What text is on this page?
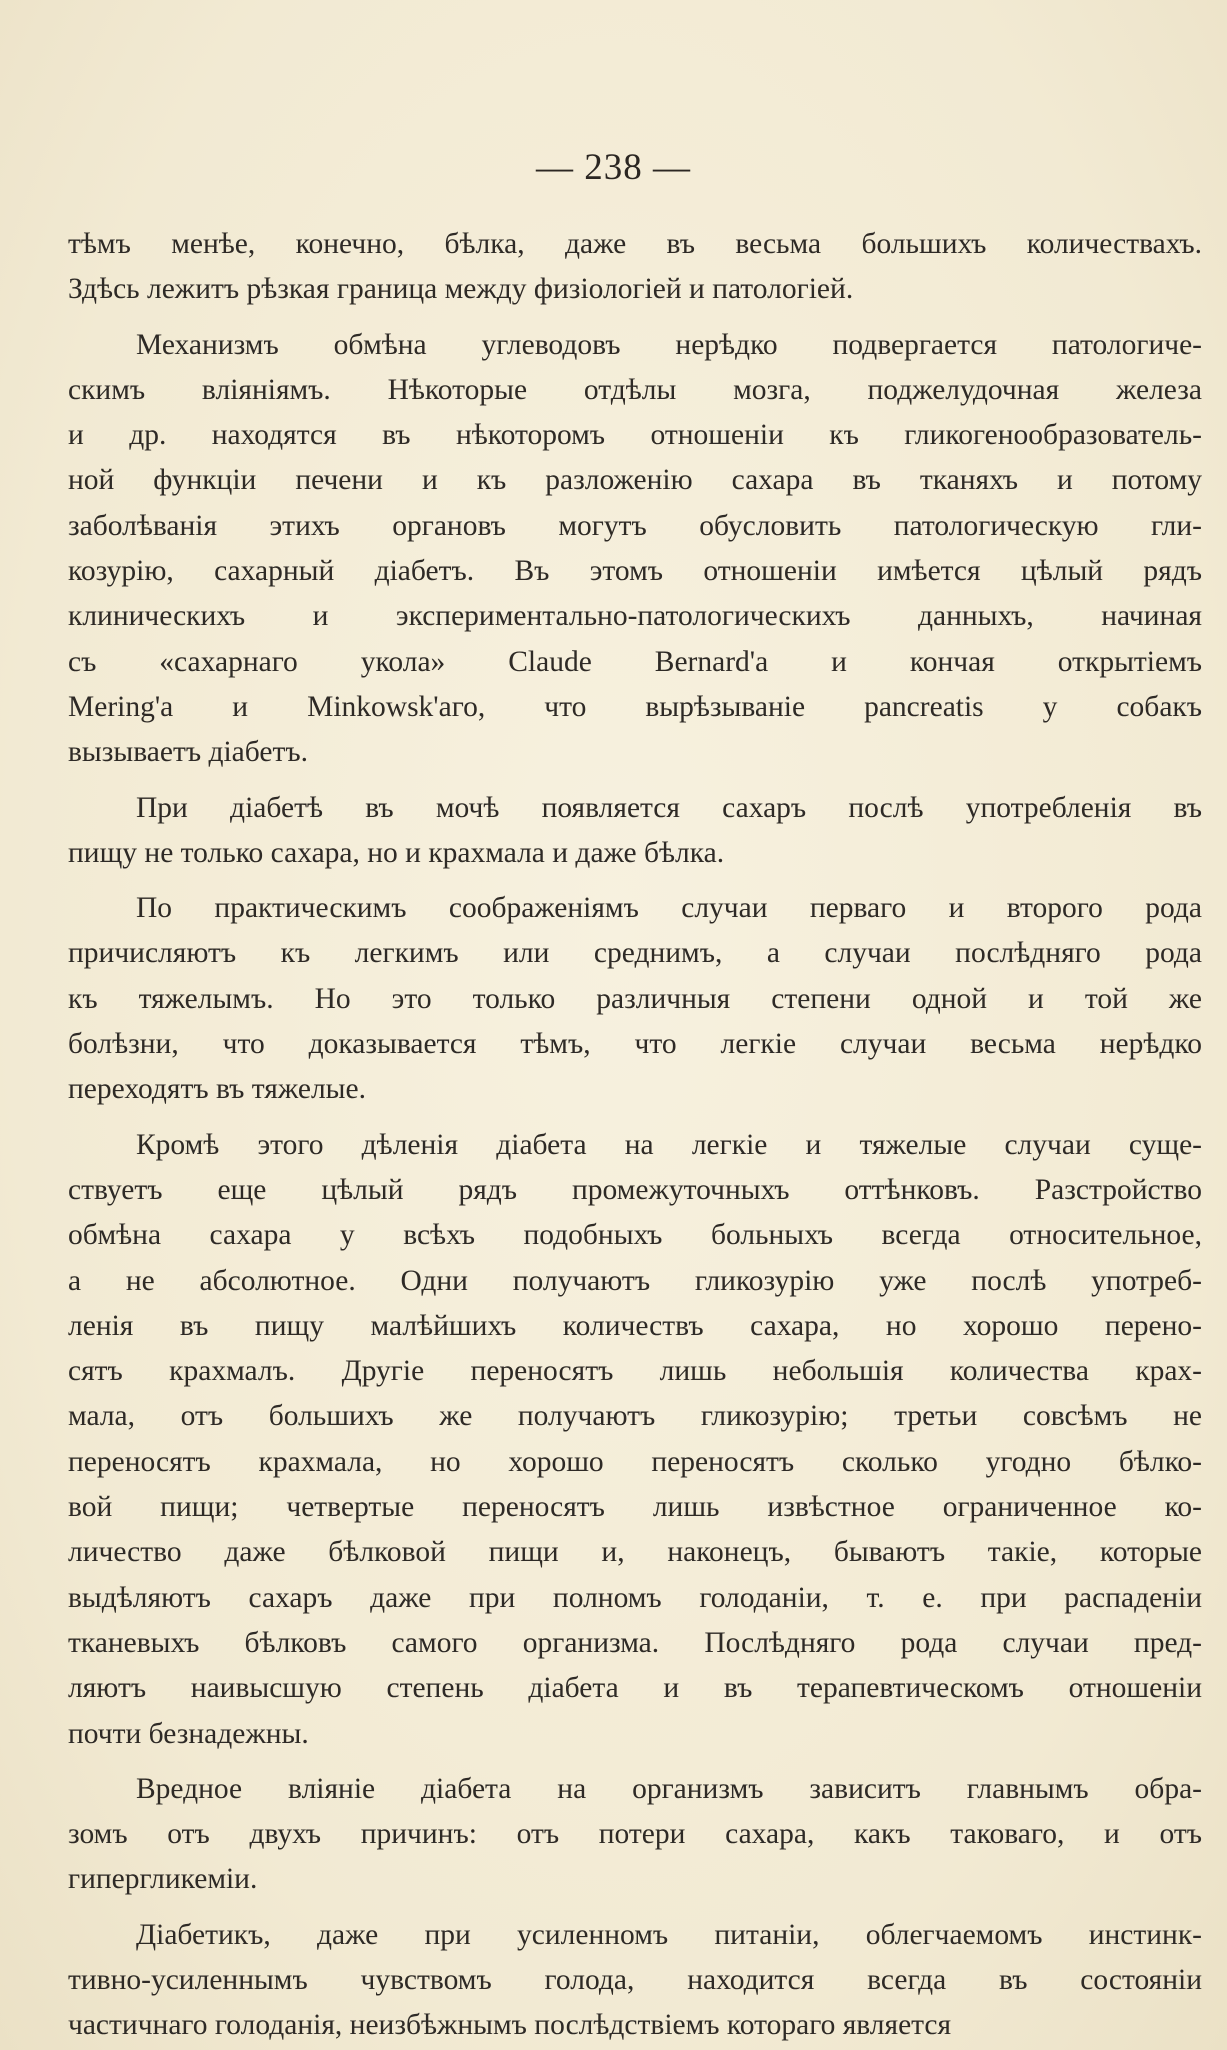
— 238 —
тѣмъ менѣе, конечно, бѣлка, даже въ весьма большихъ количествахъ.
Здѣсь лежитъ рѣзкая граница между физiологiей и патологiей.
Механизмъ обмѣна углеводовъ нерѣдко подвергается патологиче-
скимъ влiянiямъ. Нѣкоторые отдѣлы мозга, поджелудочная железа
и др. находятся въ нѣкоторомъ отношенiи къ гликогенообразователь-
ной функцiи печени и къ разложенiю сахара въ тканяхъ и потому
заболѣванiя этихъ органовъ могутъ обусловить патологическую гли-
козурiю, сахарный дiабетъ. Въ этомъ отношенiи имѣется цѣлый рядъ
клиническихъ и экспериментально-патологическихъ данныхъ, начиная
съ «сахарнаго укола» Claude Bernard'а и кончая открытiемъ
Mering'а и Minkowsk'аго, что вырѣзыванiе pancreatis у собакъ
вызываетъ дiабетъ.
При дiабетѣ въ мочѣ появляется сахаръ послѣ употребленiя въ
пищу не только сахара, но и крахмала и даже бѣлка.
По практическимъ соображенiямъ случаи перваго и второго рода
причисляютъ къ легкимъ или среднимъ, а случаи послѣдняго рода
къ тяжелымъ. Но это только различныя степени одной и той же
болѣзни, что доказывается тѣмъ, что легкiе случаи весьма нерѣдко
переходятъ въ тяжелые.
Кромѣ этого дѣленiя дiабета на легкiе и тяжелые случаи суще-
ствуетъ еще цѣлый рядъ промежуточныхъ оттѣнковъ. Разстройство
обмѣна сахара у всѣхъ подобныхъ больныхъ всегда относительное,
а не абсолютное. Одни получаютъ гликозурiю уже послѣ употреб-
ленiя въ пищу малѣйшихъ количествъ сахара, но хорошо перено-
сятъ крахмалъ. Другiе переносятъ лишь небольшiя количества крах-
мала, отъ большихъ же получаютъ гликозурiю; третьи совсѣмъ не
переносятъ крахмала, но хорошо переносятъ сколько угодно бѣлко-
вой пищи; четвертые переносятъ лишь извѣстное ограниченное ко-
личество даже бѣлковой пищи и, наконецъ, бываютъ такiе, которые
выдѣляютъ сахаръ даже при полномъ голоданiи, т. е. при распаденiи
тканевыхъ бѣлковъ самого организма. Послѣдняго рода случаи пред-
ляютъ наивысшую степень дiабета и въ терапевтическомъ отношенiи
почти безнадежны.
Вредное влiянiе дiабета на организмъ зависитъ главнымъ обра-
зомъ отъ двухъ причинъ: отъ потери сахара, какъ таковаго, и отъ
гипергликемiи.
Дiабетикъ, даже при усиленномъ питанiи, облегчаемомъ инстинк-
тивно-усиленнымъ чувствомъ голода, находится всегда въ состоянiи
частичнаго голоданiя, неизбѣжнымъ послѣдствiемъ котораго является
